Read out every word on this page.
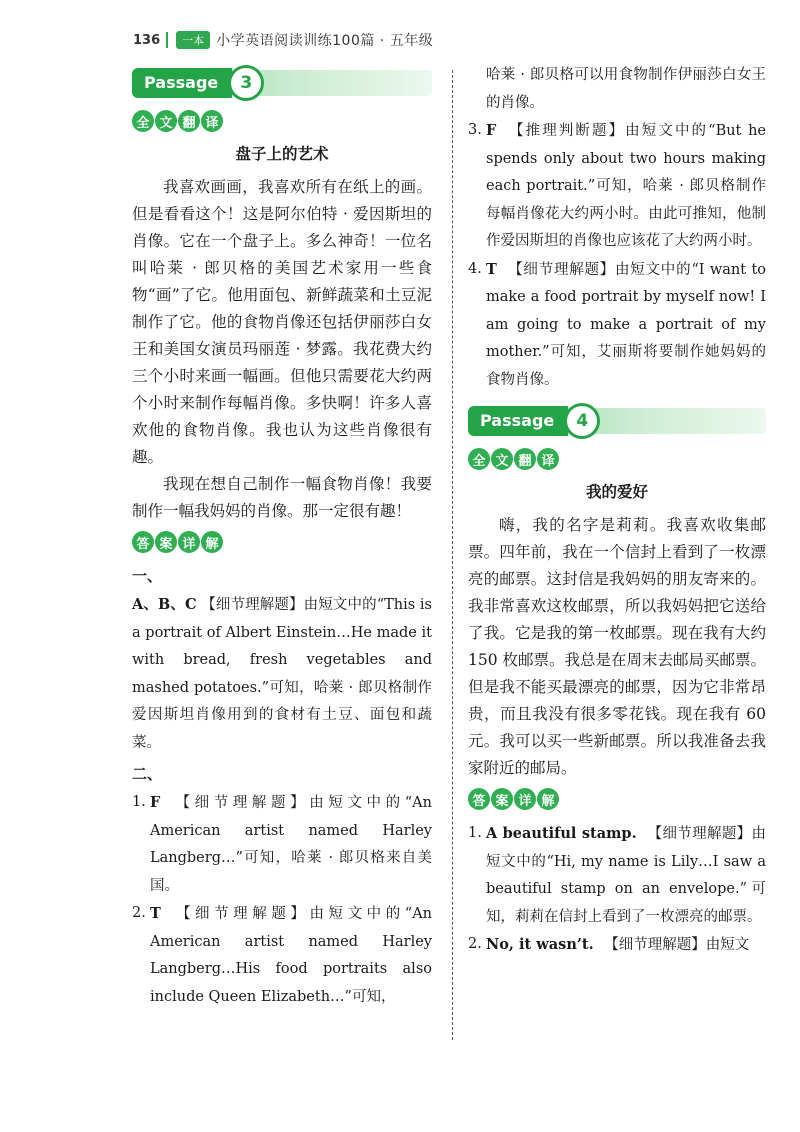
136	一本 小学英语阅读训练100篇 · 五年级
Passage	3
全 文 翻 译
盘子上的艺术

我喜欢画画，我喜欢所有在纸上的画。但是看看这个！这是阿尔伯特 · 爱因斯坦的肖像。它在一个盘子上。多么神奇！一位名叫哈莱 · 郎贝格的美国艺术家用一些食物“画”了它。他用面包、新鲜蔬菜和土豆泥制作了它。他的食物肖像还包括伊丽莎白女王和美国女演员玛丽莲 · 梦露。我花费大约三个小时来画一幅画。但他只需要花大约两个小时来制作每幅肖像。多快啊！许多人喜欢他的食物肖像。我也认为这些肖像很有趣。

我现在想自己制作一幅食物肖像！我要制作一幅我妈妈的肖像。那一定很有趣！

答 案 详 解
一、

A、B、C 【细节理解题】由短文中的“This is a portrait of Albert Einstein…He made it with bread, fresh vegetables and mashed potatoes.”可知，哈莱 · 郎贝格制作爱因斯坦肖像用到的食材有土豆、面包和蔬菜。

二、
1. F 【细节理解题】由短文中的“An American artist named Harley Langberg…”可知，哈莱 · 郎贝格来自美国。
2. T 【细节理解题】由短文中的“An American artist named Harley Langberg…His food portraits also include Queen Elizabeth…”可知，
哈莱 · 郎贝格可以用食物制作伊丽莎白女王的肖像。
3. F 【推理判断题】由短文中的“But he spends only about two hours making each portrait.”可知，哈莱 · 郎贝格制作每幅肖像花大约两小时。由此可推知，他制作爱因斯坦的肖像也应该花了大约两小时。
4. T 【细节理解题】由短文中的“I want to make a food portrait by myself now! I am going to make a portrait of my mother.”可知，艾丽斯将要制作她妈妈的食物肖像。
Passage	4
全 文 翻 译
我的爱好

嗨，我的名字是莉莉。我喜欢收集邮票。四年前，我在一个信封上看到了一枚漂亮的邮票。这封信是我妈妈的朋友寄来的。我非常喜欢这枚邮票，所以我妈妈把它送给了我。它是我的第一枚邮票。现在我有大约 150 枚邮票。我总是在周末去邮局买邮票。但是我不能买最漂亮的邮票，因为它非常昂贵，而且我没有很多零花钱。现在我有 60 元。我可以买一些新邮票。所以我准备去我家附近的邮局。

答 案 详 解
1. A beautiful stamp. 【细节理解题】由短文中的“Hi, my name is Lily…I saw a beautiful stamp on an envelope.”可知，莉莉在信封上看到了一枚漂亮的邮票。
2. No, it wasn’t. 【细节理解题】由短文
